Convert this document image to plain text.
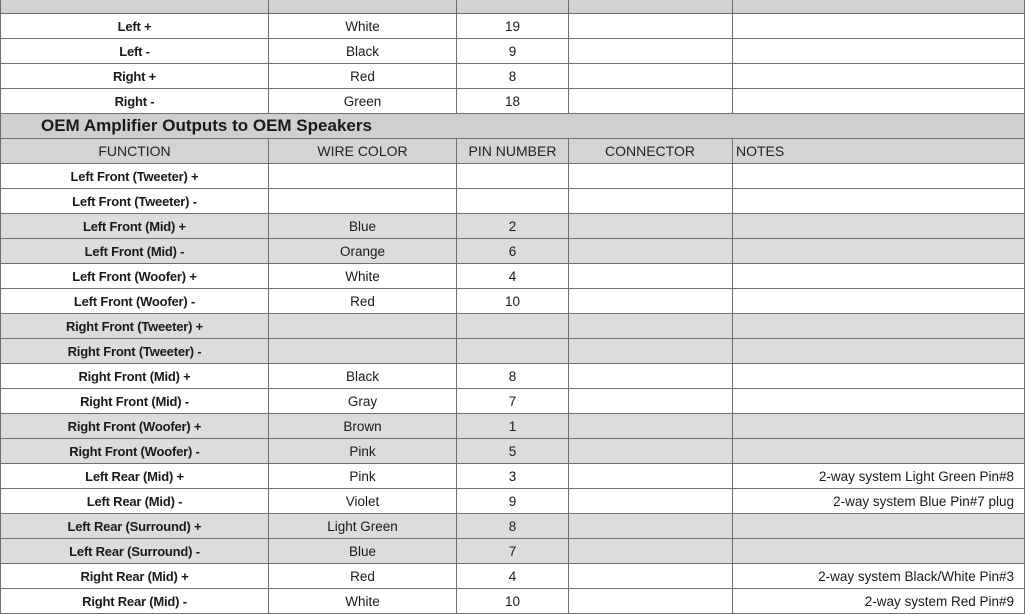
Left +	White	19		
Left -	Black	9		
Right +	Red	8		
Right -	Green	18		
OEM Amplifier Outputs to OEM Speakers				
FUNCTION	WIRE COLOR	PIN NUMBER	CONNECTOR	NOTES
Left Front (Tweeter) +				
Left Front (Tweeter) -				
Left Front (Mid) +	Blue	2		
Left Front (Mid) -	Orange	6		
Left Front (Woofer) +	White	4		
Left Front (Woofer) -	Red	10		
Right Front (Tweeter) +				
Right Front (Tweeter) -				
Right Front (Mid) +	Black	8		
Right Front (Mid) -	Gray	7		
Right Front (Woofer) +	Brown	1		
Right Front (Woofer) -	Pink	5		
Left Rear (Mid) +	Pink	3		2-way system Light Green Pin#8
Left Rear (Mid) -	Violet	9		2-way system Blue Pin#7 plug
Left Rear (Surround) +	Light Green	8		
Left Rear (Surround) -	Blue	7		
Right Rear (Mid) +	Red	4		2-way system Black/White Pin#3
Right Rear (Mid) -	White	10		2-way system Red Pin#9
